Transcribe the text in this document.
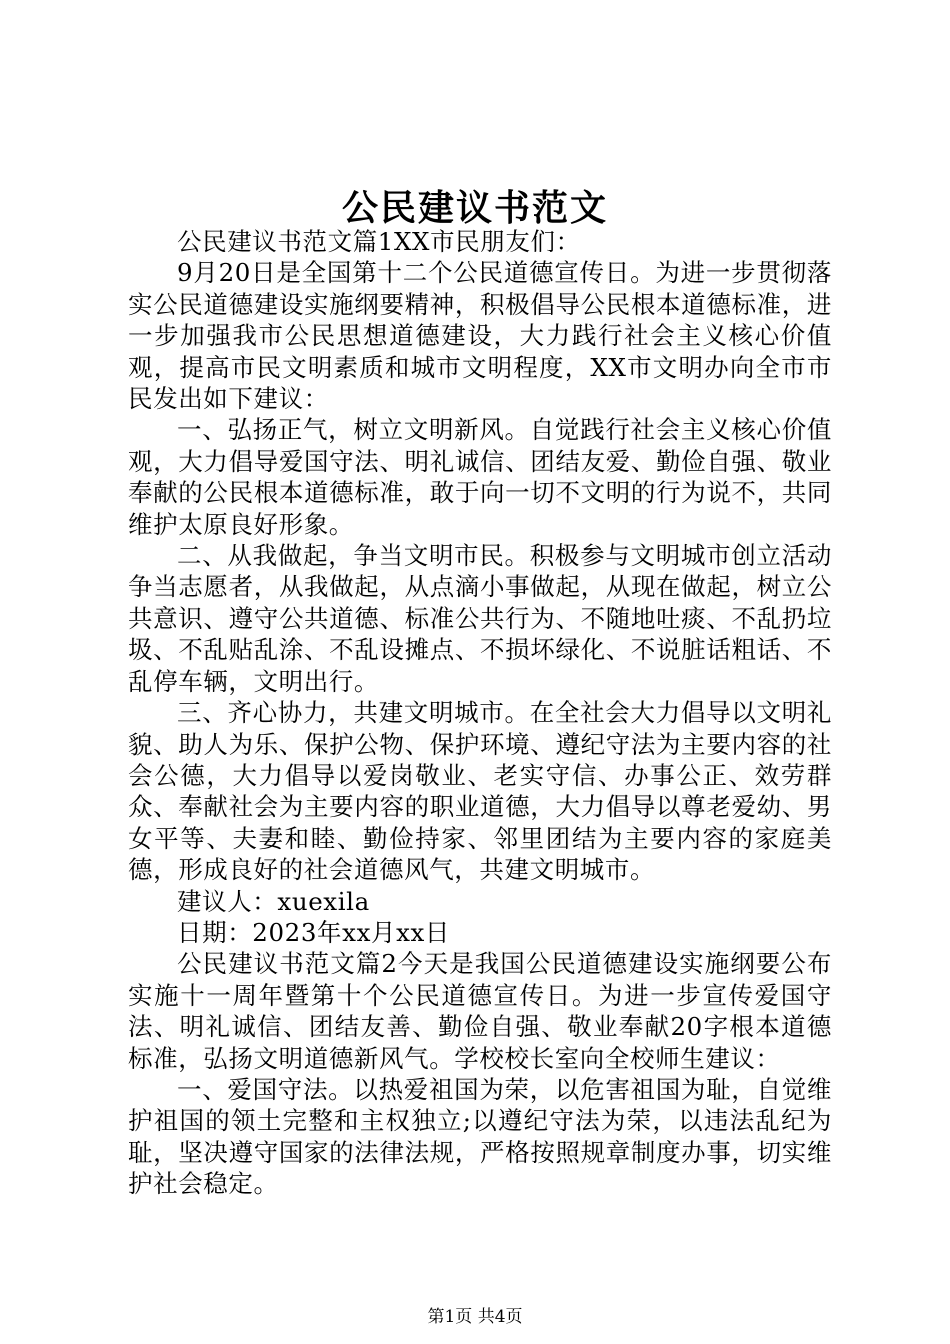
公民建议书范文

公民建议书范文篇1XX市民朋友们：

9月20日是全国第十二个公民道德宣传日。为进一步贯彻落实公民道德建设实施纲要精神，积极倡导公民根本道德标准，进一步加强我市公民思想道德建设，大力践行社会主义核心价值观，提高市民文明素质和城市文明程度，XX市文明办向全市市民发出如下建议：

一、弘扬正气，树立文明新风。自觉践行社会主义核心价值观，大力倡导爱国守法、明礼诚信、团结友爱、勤俭自强、敬业奉献的公民根本道德标准，敢于向一切不文明的行为说不，共同维护太原良好形象。

二、从我做起，争当文明市民。积极参与文明城市创立活动争当志愿者，从我做起，从点滴小事做起，从现在做起，树立公共意识、遵守公共道德、标准公共行为、不随地吐痰、不乱扔垃圾、不乱贴乱涂、不乱设摊点、不损坏绿化、不说脏话粗话、不乱停车辆，文明出行。

三、齐心协力，共建文明城市。在全社会大力倡导以文明礼貌、助人为乐、保护公物、保护环境、遵纪守法为主要内容的社会公德，大力倡导以爱岗敬业、老实守信、办事公正、效劳群众、奉献社会为主要内容的职业道德，大力倡导以尊老爱幼、男女平等、夫妻和睦、勤俭持家、邻里团结为主要内容的家庭美德，形成良好的社会道德风气，共建文明城市。

建议人：xuexila

日期：2023年xx月xx日

公民建议书范文篇2今天是我国公民道德建设实施纲要公布实施十一周年暨第十个公民道德宣传日。为进一步宣传爱国守法、明礼诚信、团结友善、勤俭自强、敬业奉献20字根本道德标准，弘扬文明道德新风气。学校校长室向全校师生建议：

一、爱国守法。以热爱祖国为荣，以危害祖国为耻，自觉维护祖国的领土完整和主权独立;以遵纪守法为荣，以违法乱纪为耻，坚决遵守国家的法律法规，严格按照规章制度办事，切实维护社会稳定。

第1页 共4页
